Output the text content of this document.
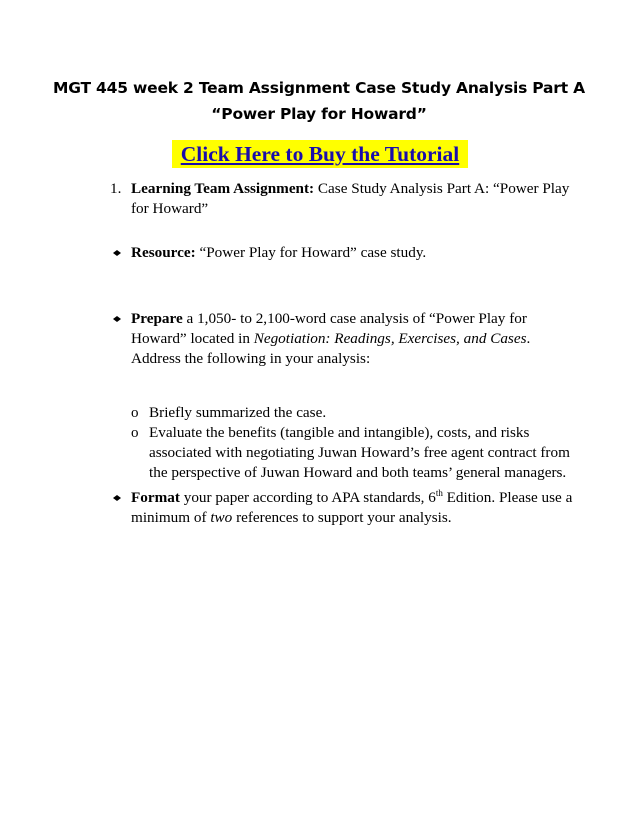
MGT 445 week 2 Team Assignment Case Study Analysis Part A
“Power Play for Howard”
Click Here to Buy the Tutorial
1. Learning Team Assignment: Case Study Analysis Part A: “Power Play
for Howard”
Resource: “Power Play for Howard” case study.
Prepare a 1,050- to 2,100-word case analysis of “Power Play for
Howard” located in Negotiation: Readings, Exercises, and Cases.
Address the following in your analysis:
o Briefly summarized the case.
o Evaluate the benefits (tangible and intangible), costs, and risks
associated with negotiating Juwan Howard’s free agent contract from
the perspective of Juwan Howard and both teams’ general managers.
Format your paper according to APA standards, 6th Edition. Please use a
minimum of two references to support your analysis.
